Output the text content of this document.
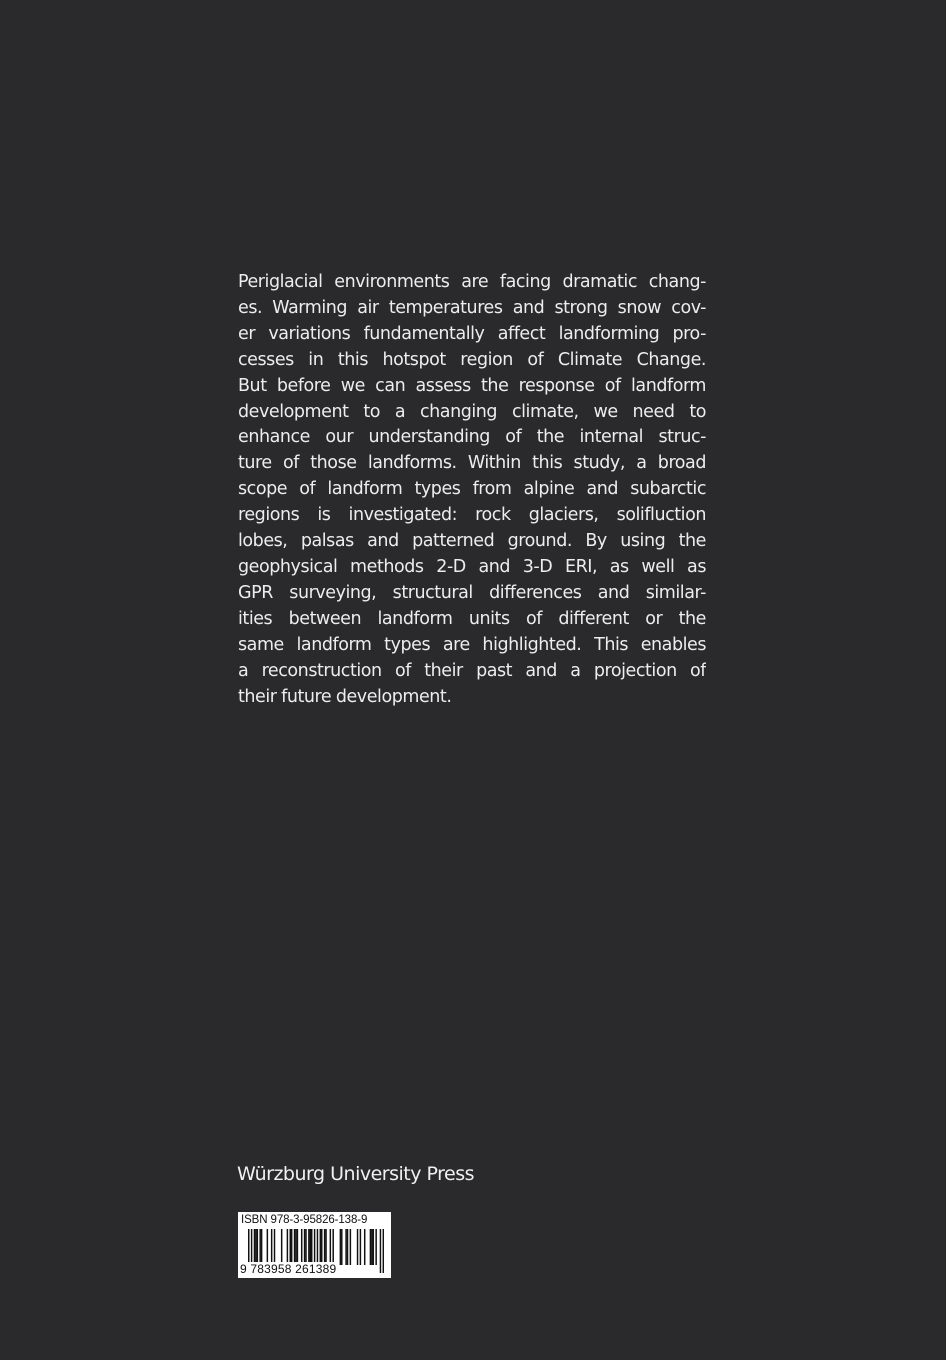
Periglacial environments are facing dramatic chang-
es. Warming air temperatures and strong snow cov-
er variations fundamentally affect landforming pro-
cesses in this hotspot region of Climate Change.
But before we can assess the response of landform
development to a changing climate, we need to
enhance our understanding of the internal struc-
ture of those landforms. Within this study, a broad
scope of landform types from alpine and subarctic
regions is investigated: rock glaciers, solifluction
lobes, palsas and patterned ground. By using the
geophysical methods 2-D and 3-D ERI, as well as
GPR surveying, structural differences and similar-
ities between landform units of different or the
same landform types are highlighted. This enables
a reconstruction of their past and a projection of
their future development.

Würzburg University Press

ISBN 978-3-95826-138-9
9 783958 261389
